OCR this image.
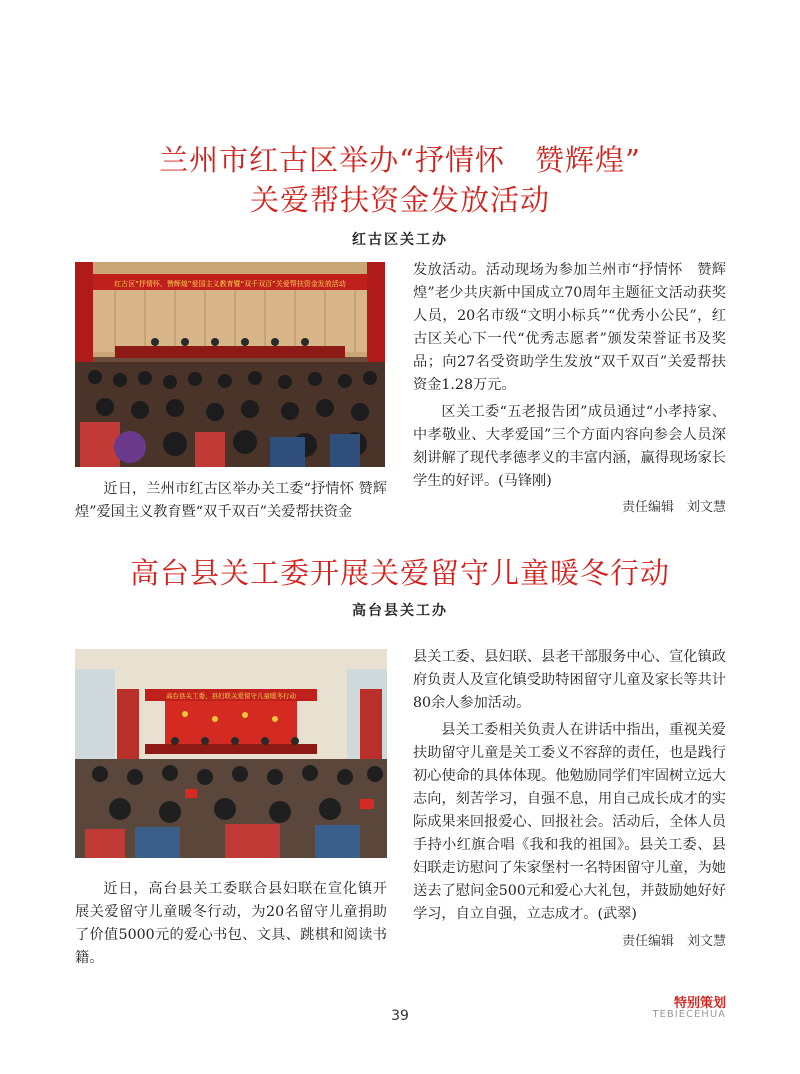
兰州市红古区举办“抒情怀　赞辉煌”
关爱帮扶资金发放活动
红古区关工办
红古区“抒情怀、赞辉煌”爱国主义教育暨“双千双百”关爱帮扶资金发放活动

近日，兰州市红古区举办关工委“抒情怀 赞辉煌”爱国主义教育暨“双千双百”关爱帮扶资金

发放活动。活动现场为参加兰州市“抒情怀　赞辉煌”老少共庆新中国成立70周年主题征文活动获奖人员，20名市级“文明小标兵”“优秀小公民”，红古区关心下一代“优秀志愿者”颁发荣誉证书及奖品；向27名受资助学生发放“双千双百”关爱帮扶资金1.28万元。

区关工委“五老报告团”成员通过“小孝持家、中孝敬业、大孝爱国”三个方面内容向参会人员深刻讲解了现代孝德孝义的丰富内涵，赢得现场家长学生的好评。(马锋刚)

责任编辑　刘文慧
高台县关工委开展关爱留守儿童暖冬行动
高台县关工办
高台县关工委、县妇联关爱留守儿童暖冬行动

近日，高台县关工委联合县妇联在宣化镇开展关爱留守儿童暖冬行动，为20名留守儿童捐助了价值5000元的爱心书包、文具、跳棋和阅读书籍。

县关工委、县妇联、县老干部服务中心、宣化镇政府负责人及宣化镇受助特困留守儿童及家长等共计80余人参加活动。

县关工委相关负责人在讲话中指出，重视关爱扶助留守儿童是关工委义不容辞的责任，也是践行初心使命的具体体现。他勉励同学们牢固树立远大志向，刻苦学习，自强不息，用自己成长成才的实际成果来回报爱心、回报社会。活动后，全体人员手持小红旗合唱《我和我的祖国》。县关工委、县妇联走访慰问了朱家堡村一名特困留守儿童，为她送去了慰问金500元和爱心大礼包，并鼓励她好好学习，自立自强，立志成才。(武翠)

责任编辑　刘文慧
39
特别策划
TEBIECEHUA
